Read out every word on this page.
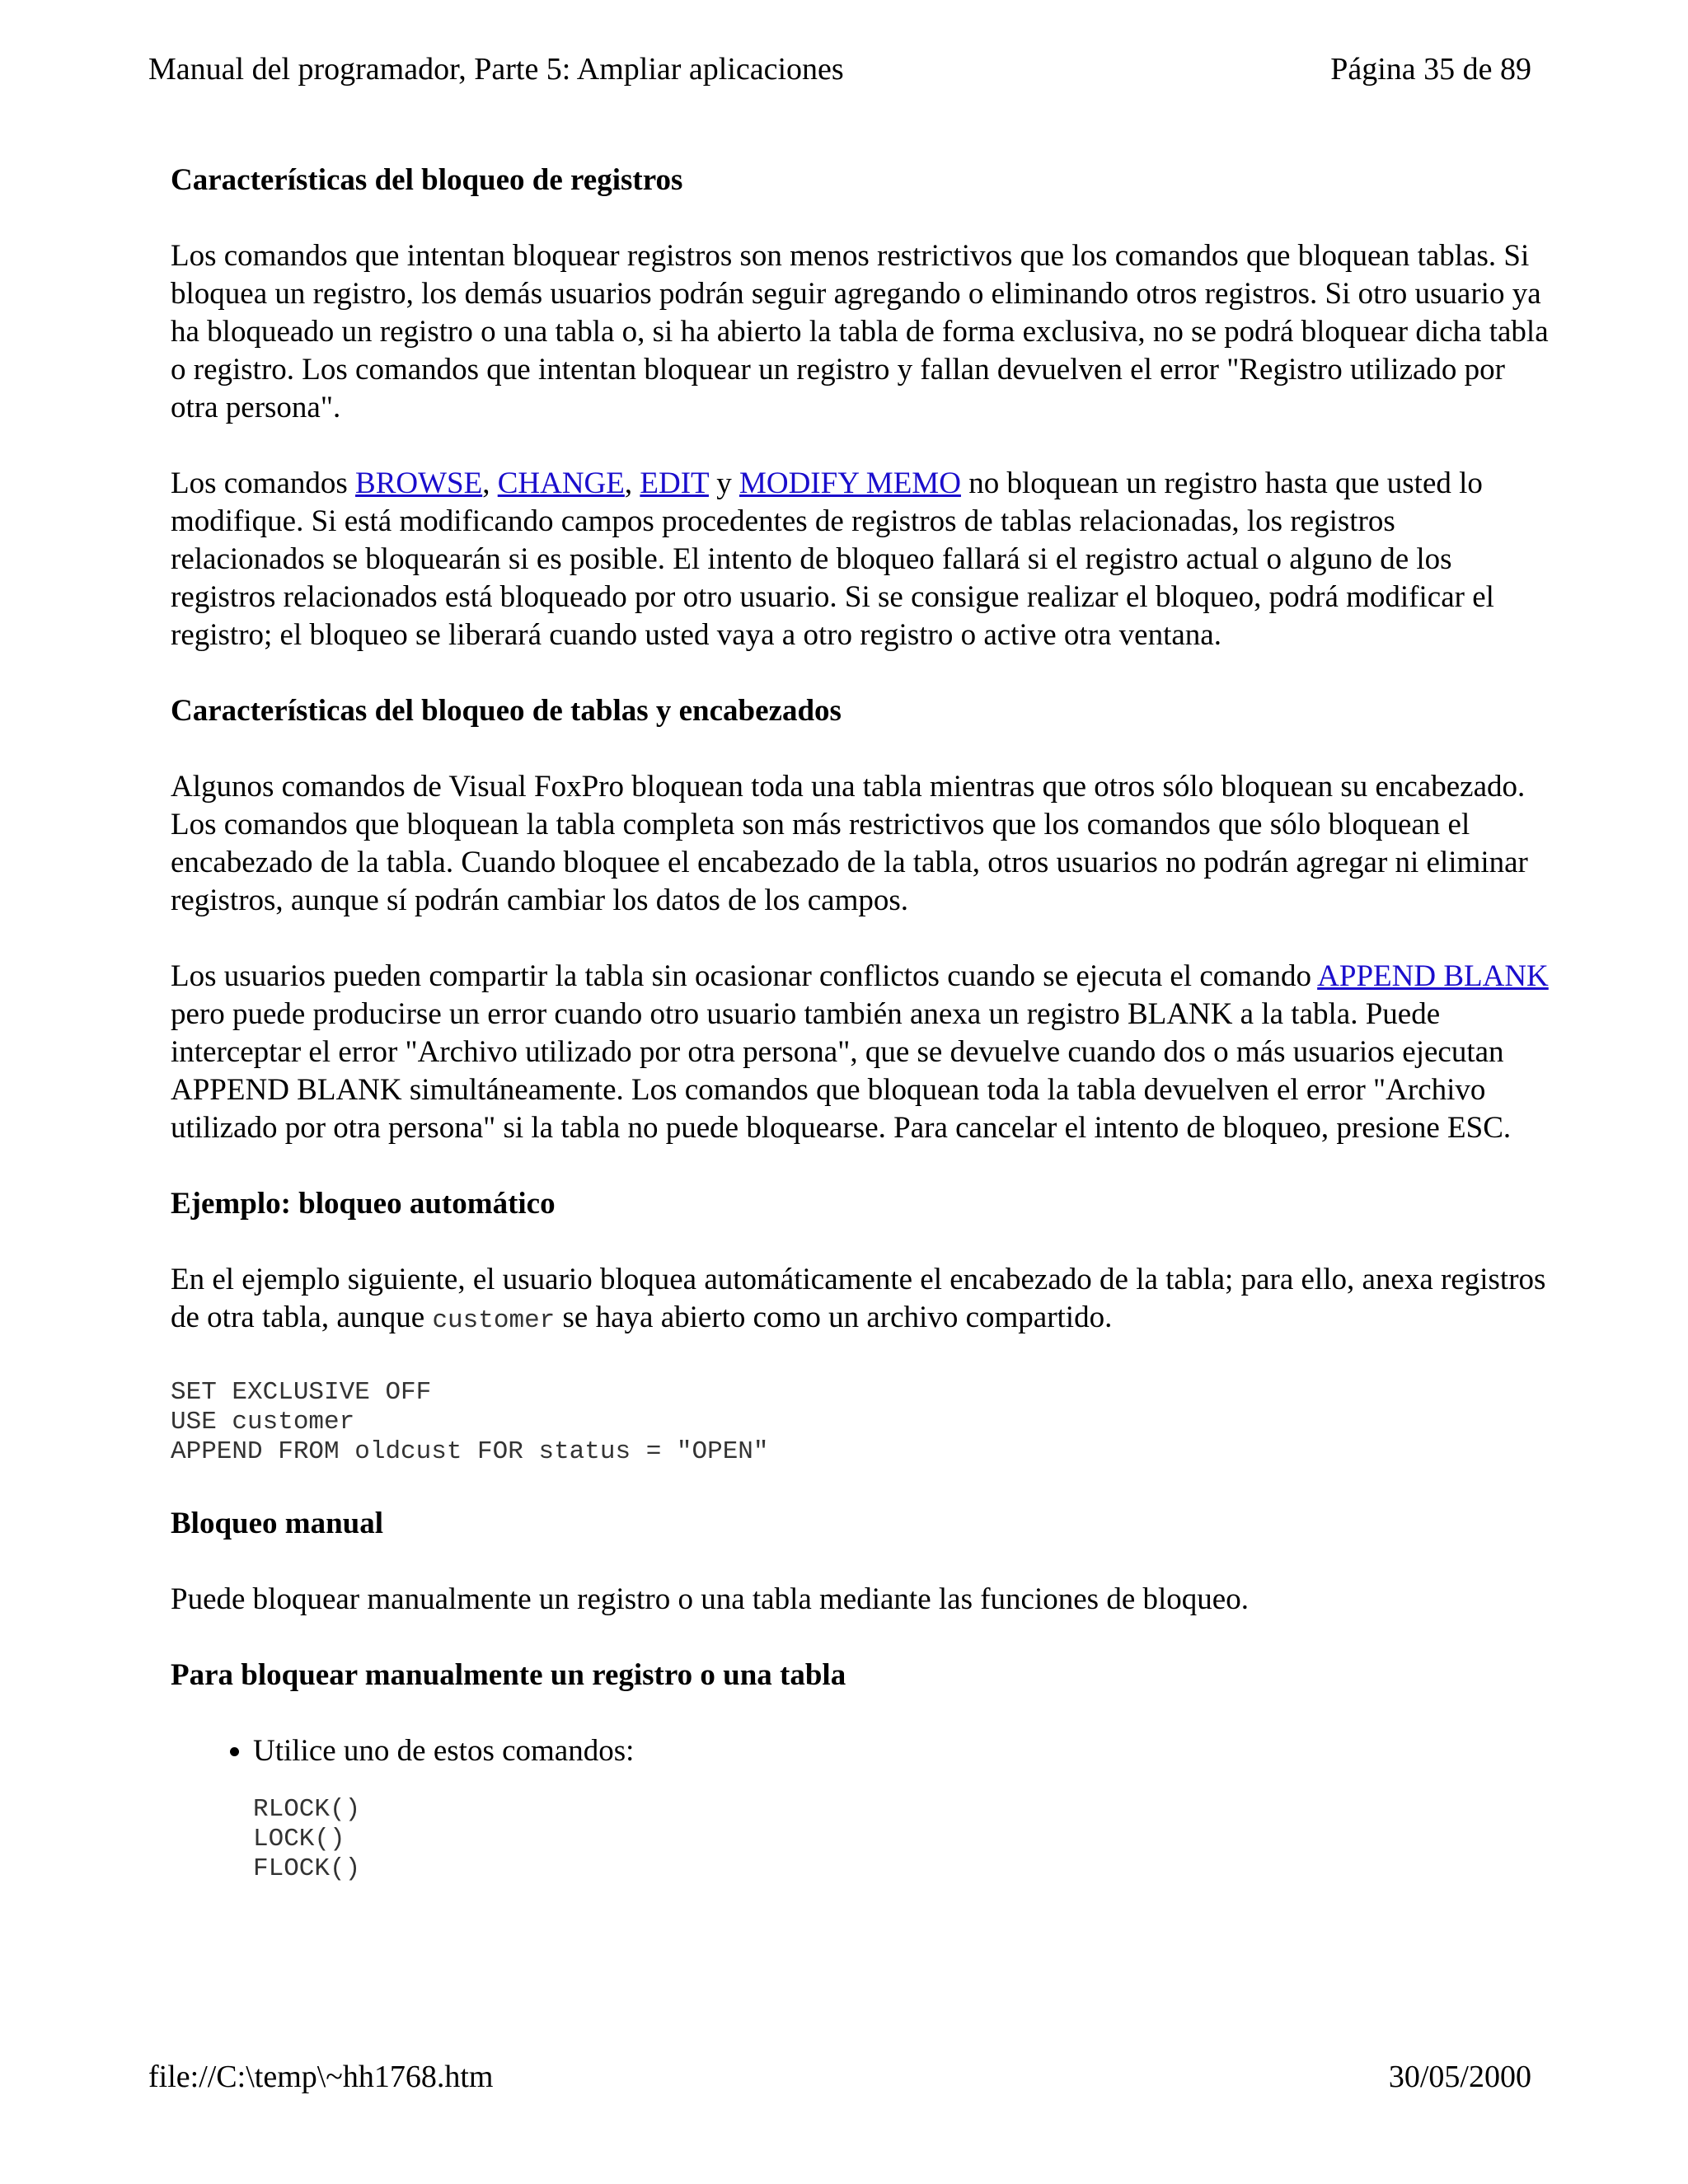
Manual del programador, Parte 5: Ampliar aplicaciones	Página 35 de 89
Características del bloqueo de registros

Los comandos que intentan bloquear registros son menos restrictivos que los comandos que bloquean tablas. Si bloquea un registro, los demás usuarios podrán seguir agregando o eliminando otros registros. Si otro usuario ya ha bloqueado un registro o una tabla o, si ha abierto la tabla de forma exclusiva, no se podrá bloquear dicha tabla o registro. Los comandos que intentan bloquear un registro y fallan devuelven el error "Registro utilizado por otra persona".

Los comandos BROWSE, CHANGE, EDIT y MODIFY MEMO no bloquean un registro hasta que usted lo modifique. Si está modificando campos procedentes de registros de tablas relacionadas, los registros relacionados se bloquearán si es posible. El intento de bloqueo fallará si el registro actual o alguno de los registros relacionados está bloqueado por otro usuario. Si se consigue realizar el bloqueo, podrá modificar el registro; el bloqueo se liberará cuando usted vaya a otro registro o active otra ventana.

Características del bloqueo de tablas y encabezados

Algunos comandos de Visual FoxPro bloquean toda una tabla mientras que otros sólo bloquean su encabezado. Los comandos que bloquean la tabla completa son más restrictivos que los comandos que sólo bloquean el encabezado de la tabla. Cuando bloquee el encabezado de la tabla, otros usuarios no podrán agregar ni eliminar registros, aunque sí podrán cambiar los datos de los campos.

Los usuarios pueden compartir la tabla sin ocasionar conflictos cuando se ejecuta el comando APPEND BLANK pero puede producirse un error cuando otro usuario también anexa un registro BLANK a la tabla. Puede interceptar el error "Archivo utilizado por otra persona", que se devuelve cuando dos o más usuarios ejecutan APPEND BLANK simultáneamente. Los comandos que bloquean toda la tabla devuelven el error "Archivo utilizado por otra persona" si la tabla no puede bloquearse. Para cancelar el intento de bloqueo, presione ESC.

Ejemplo: bloqueo automático

En el ejemplo siguiente, el usuario bloquea automáticamente el encabezado de la tabla; para ello, anexa registros de otra tabla, aunque customer se haya abierto como un archivo compartido.

SET EXCLUSIVE OFF
USE customer
APPEND FROM oldcust FOR status = "OPEN"
Bloqueo manual

Puede bloquear manualmente un registro o una tabla mediante las funciones de bloqueo.

Para bloquear manualmente un registro o una tabla
• Utilice uno de estos comandos:
RLOCK()
LOCK()
FLOCK()
file://C:\temp\~hh1768.htm	30/05/2000
